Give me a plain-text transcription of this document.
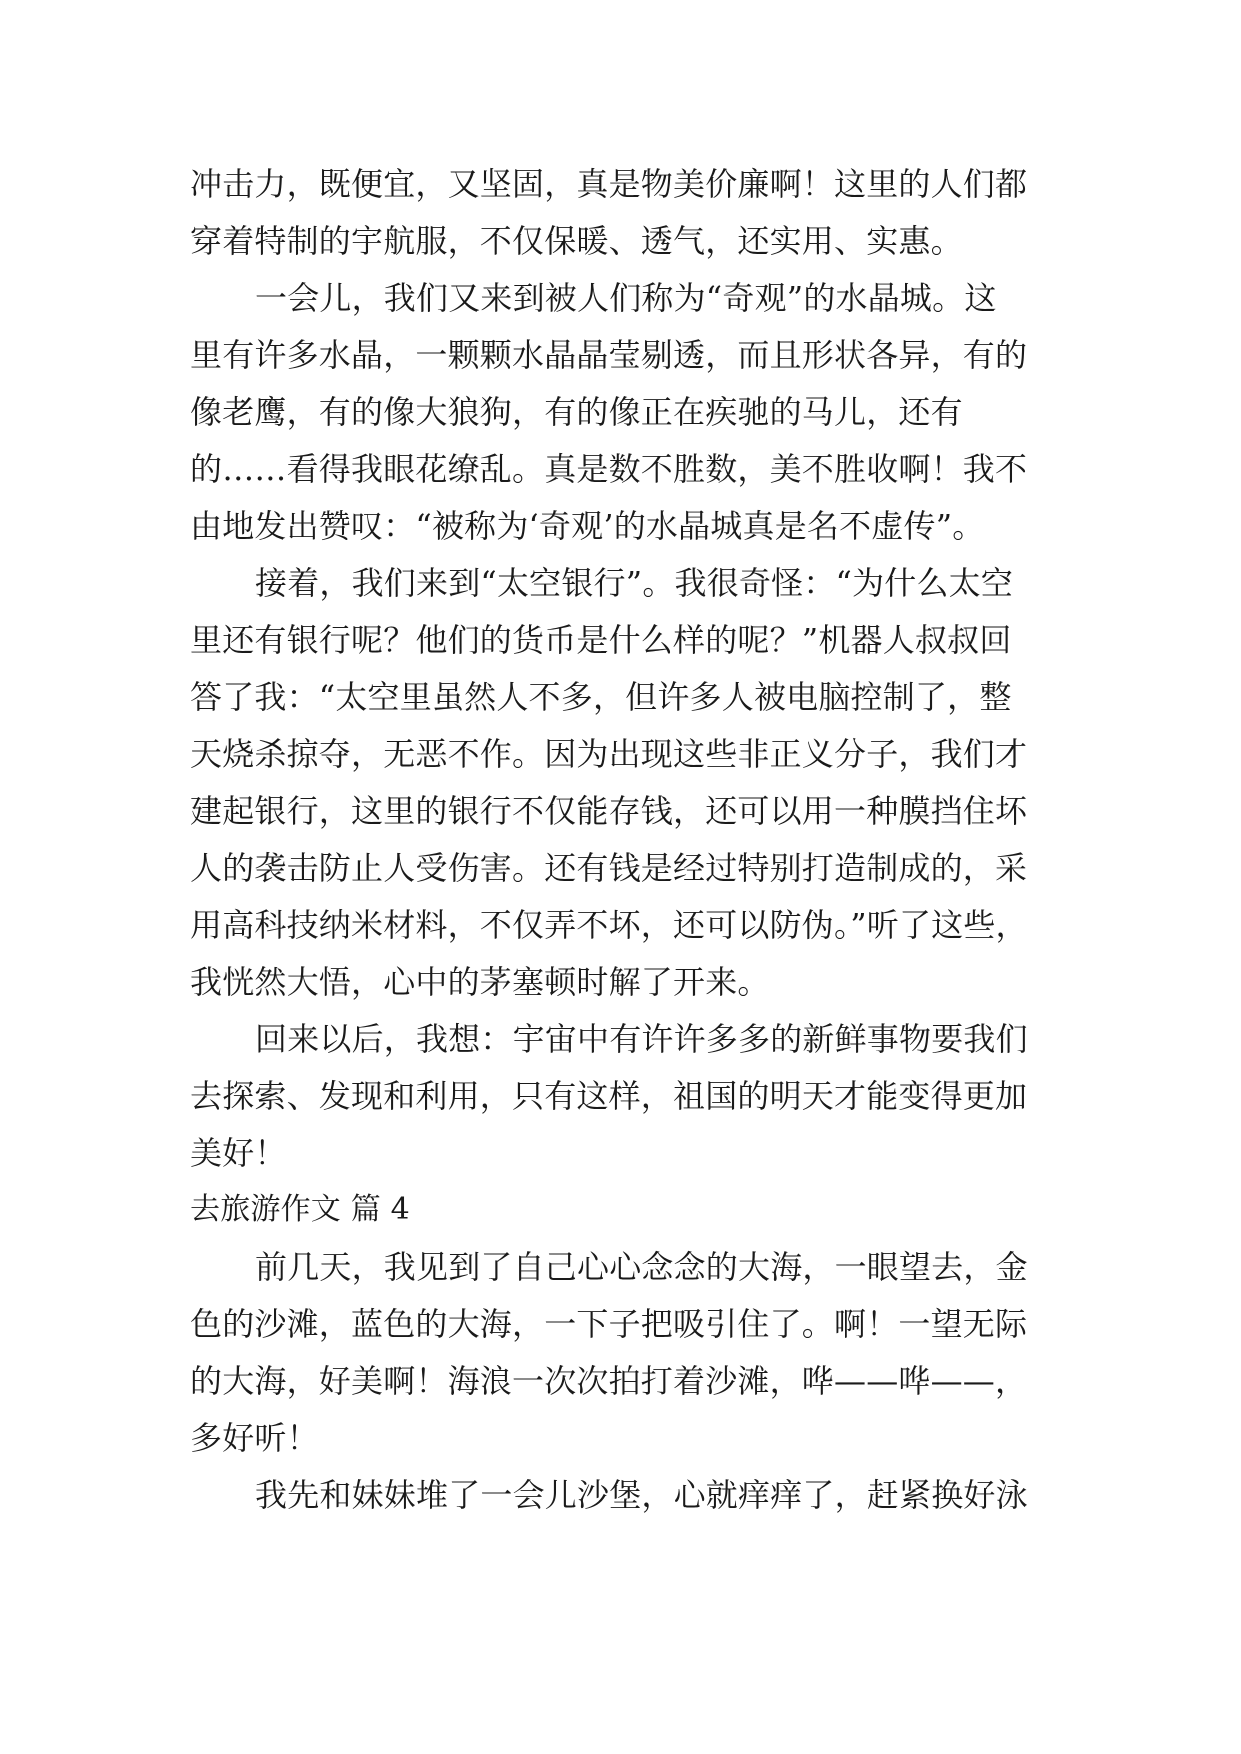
冲击力，既便宜，又坚固，真是物美价廉啊！这里的人们都
穿着特制的宇航服，不仅保暖、透气，还实用、实惠。
一会儿，我们又来到被人们称为“奇观”的水晶城。这
里有许多水晶，一颗颗水晶晶莹剔透，而且形状各异，有的
像老鹰，有的像大狼狗，有的像正在疾驰的马儿，还有
的……看得我眼花缭乱。真是数不胜数，美不胜收啊！我不
由地发出赞叹：“被称为‘奇观’的水晶城真是名不虚传”。
接着，我们来到“太空银行”。我很奇怪：“为什么太空
里还有银行呢？他们的货币是什么样的呢？”机器人叔叔回
答了我：“太空里虽然人不多，但许多人被电脑控制了，整
天烧杀掠夺，无恶不作。因为出现这些非正义分子，我们才
建起银行，这里的银行不仅能存钱，还可以用一种膜挡住坏
人的袭击防止人受伤害。还有钱是经过特别打造制成的，采
用高科技纳米材料，不仅弄不坏，还可以防伪。”听了这些，
我恍然大悟，心中的茅塞顿时解了开来。
回来以后，我想：宇宙中有许许多多的新鲜事物要我们
去探索、发现和利用，只有这样，祖国的明天才能变得更加
美好！
去旅游作文 篇 4
前几天，我见到了自己心心念念的大海，一眼望去，金
色的沙滩，蓝色的大海，一下子把吸引住了。啊！一望无际
的大海，好美啊！海浪一次次拍打着沙滩，哗——哗——，
多好听！
我先和妹妹堆了一会儿沙堡，心就痒痒了，赶紧换好泳
